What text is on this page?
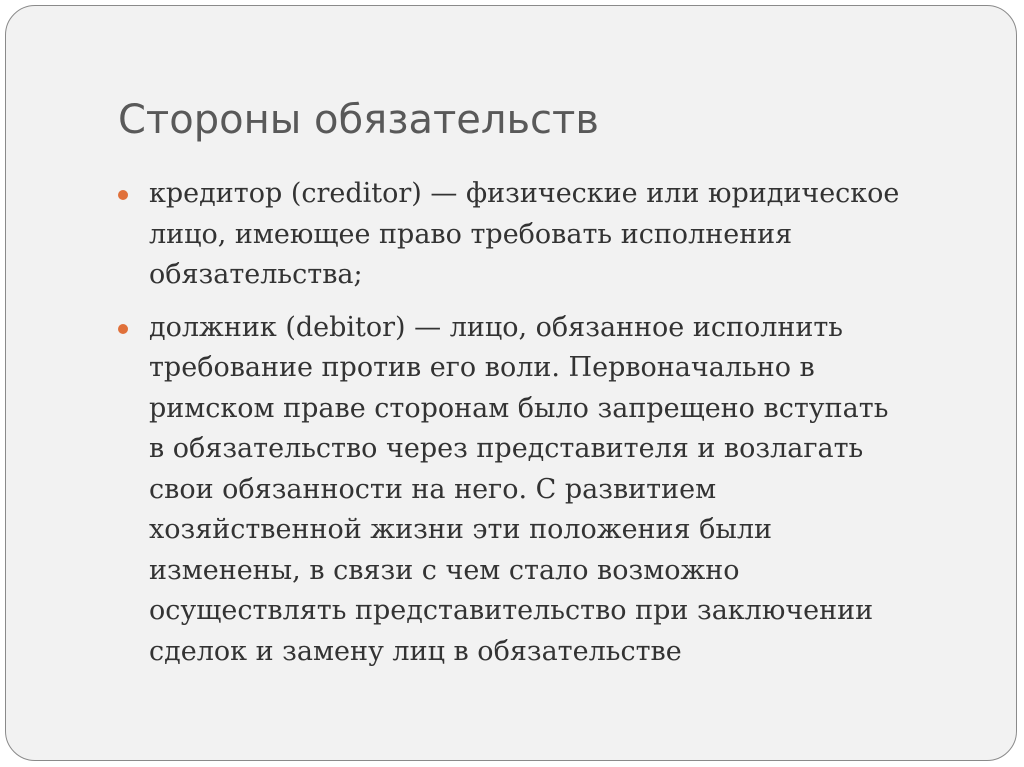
Стороны обязательств
кредитор (creditor) — физические или юридическое
лицо, имеющее право требовать исполнения
обязательства;
должник (debitor) — лицо, обязанное исполнить
требование против его воли. Первоначально в
римском праве сторонам было запрещено вступать
в обязательство через представителя и возлагать
свои обязанности на него. С развитием
хозяйственной жизни эти положения были
изменены, в связи с чем стало возможно
осуществлять представительство при заключении
сделок и замену лиц в обязательстве
